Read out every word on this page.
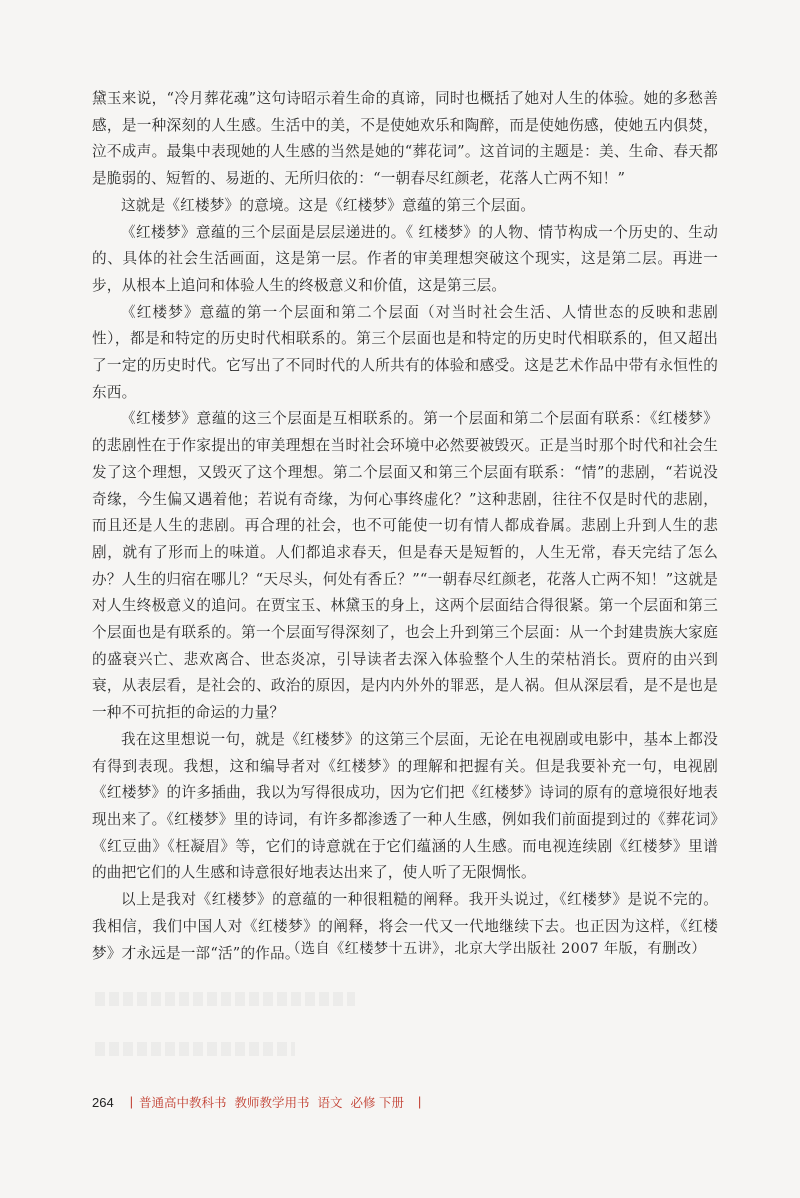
黛玉来说，“冷月葬花魂”这句诗昭示着生命的真谛，同时也概括了她对人生的体验。她的多愁善感，是一种深刻的人生感。生活中的美，不是使她欢乐和陶醉，而是使她伤感，使她五内俱焚，泣不成声。最集中表现她的人生感的当然是她的“葬花词”。这首词的主题是：美、生命、春天都是脆弱的、短暂的、易逝的、无所归依的：“一朝春尽红颜老，花落人亡两不知！”

这就是《红楼梦》的意境。这是《红楼梦》意蕴的第三个层面。

《红楼梦》意蕴的三个层面是层层递进的。《 红楼梦》的人物、情节构成一个历史的、生动的、具体的社会生活画面，这是第一层。作者的审美理想突破这个现实，这是第二层。再进一步，从根本上追问和体验人生的终极意义和价值，这是第三层。

《红楼梦》意蕴的第一个层面和第二个层面（对当时社会生活、人情世态的反映和悲剧性），都是和特定的历史时代相联系的。第三个层面也是和特定的历史时代相联系的，但又超出了一定的历史时代。它写出了不同时代的人所共有的体验和感受。这是艺术作品中带有永恒性的东西。

《红楼梦》意蕴的这三个层面是互相联系的。第一个层面和第二个层面有联系：《红楼梦》的悲剧性在于作家提出的审美理想在当时社会环境中必然要被毁灭。正是当时那个时代和社会生发了这个理想，又毁灭了这个理想。第二个层面又和第三个层面有联系：“情”的悲剧，“若说没奇缘，今生偏又遇着他；若说有奇缘，为何心事终虚化？”这种悲剧，往往不仅是时代的悲剧，而且还是人生的悲剧。再合理的社会，也不可能使一切有情人都成眷属。悲剧上升到人生的悲剧，就有了形而上的味道。人们都追求春天，但是春天是短暂的，人生无常，春天完结了怎么办？人生的归宿在哪儿？“天尽头，何处有香丘？”“一朝春尽红颜老，花落人亡两不知！”这就是对人生终极意义的追问。在贾宝玉、林黛玉的身上，这两个层面结合得很紧。第一个层面和第三个层面也是有联系的。第一个层面写得深刻了，也会上升到第三个层面：从一个封建贵族大家庭的盛衰兴亡、悲欢离合、世态炎凉，引导读者去深入体验整个人生的荣枯消长。贾府的由兴到衰，从表层看，是社会的、政治的原因，是内内外外的罪恶，是人祸。但从深层看，是不是也是一种不可抗拒的命运的力量？

我在这里想说一句，就是《红楼梦》的这第三个层面，无论在电视剧或电影中，基本上都没有得到表现。我想，这和编导者对《红楼梦》的理解和把握有关。但是我要补充一句，电视剧《红楼梦》的许多插曲，我以为写得很成功，因为它们把《红楼梦》诗词的原有的意境很好地表现出来了。《红楼梦》里的诗词，有许多都渗透了一种人生感，例如我们前面提到过的《葬花词》《红豆曲》《枉凝眉》等，它们的诗意就在于它们蕴涵的人生感。而电视连续剧《红楼梦》里谱的曲把它们的人生感和诗意很好地表达出来了，使人听了无限惆怅。

以上是我对《红楼梦》的意蕴的一种很粗糙的阐释。我开头说过，《红楼梦》是说不完的。我相信，我们中国人对《红楼梦》的阐释，将会一代又一代地继续下去。也正因为这样，《红楼梦》才永远是一部“活”的作品。

（选自《红楼梦十五讲》，北京大学出版社 2007 年版，有删改）
264 | 普通高中教科书 教师教学用书 语文 必修 下册 |
